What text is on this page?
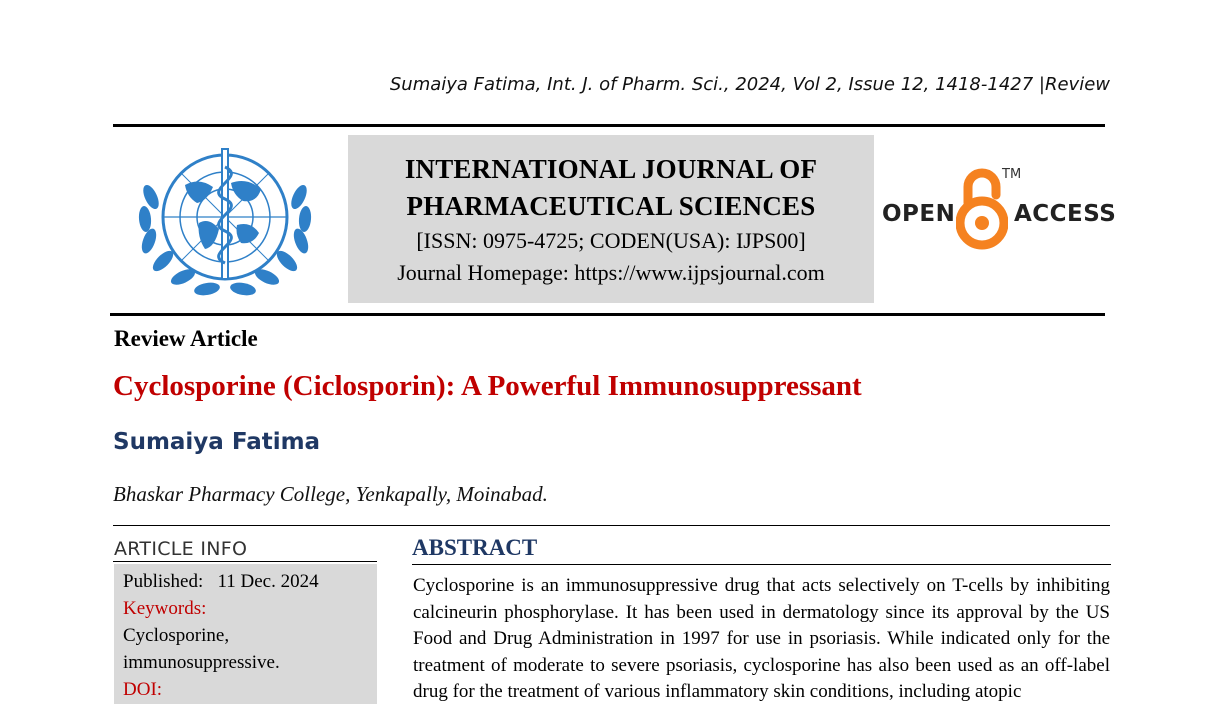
Sumaiya Fatima, Int. J. of Pharm. Sci., 2024, Vol 2, Issue 12, 1418-1427 |Review
INTERNATIONAL JOURNAL OF
PHARMACEUTICAL SCIENCES
[ISSN: 0975-4725; CODEN(USA): IJPS00]
Journal Homepage: https://www.ijpsjournal.com
OPEN
TM
ACCESS
Review Article
Cyclosporine (Ciclosporin): A Powerful Immunosuppressant
Sumaiya Fatima
Bhaskar Pharmacy College, Yenkapally, Moinabad.
ARTICLE INFO
Published: 11 Dec. 2024
Keywords:
Cyclosporine,
immunosuppressive.
DOI:
ABSTRACT
Cyclosporine is an immunosuppressive drug that acts selectively on T-cells by inhibiting calcineurin phosphorylase. It has been used in dermatology since its approval by the US Food and Drug Administration in 1997 for use in psoriasis. While indicated only for the treatment of moderate to severe psoriasis, cyclosporine has also been used as an off-label drug for the treatment of various inflammatory skin conditions, including atopic
